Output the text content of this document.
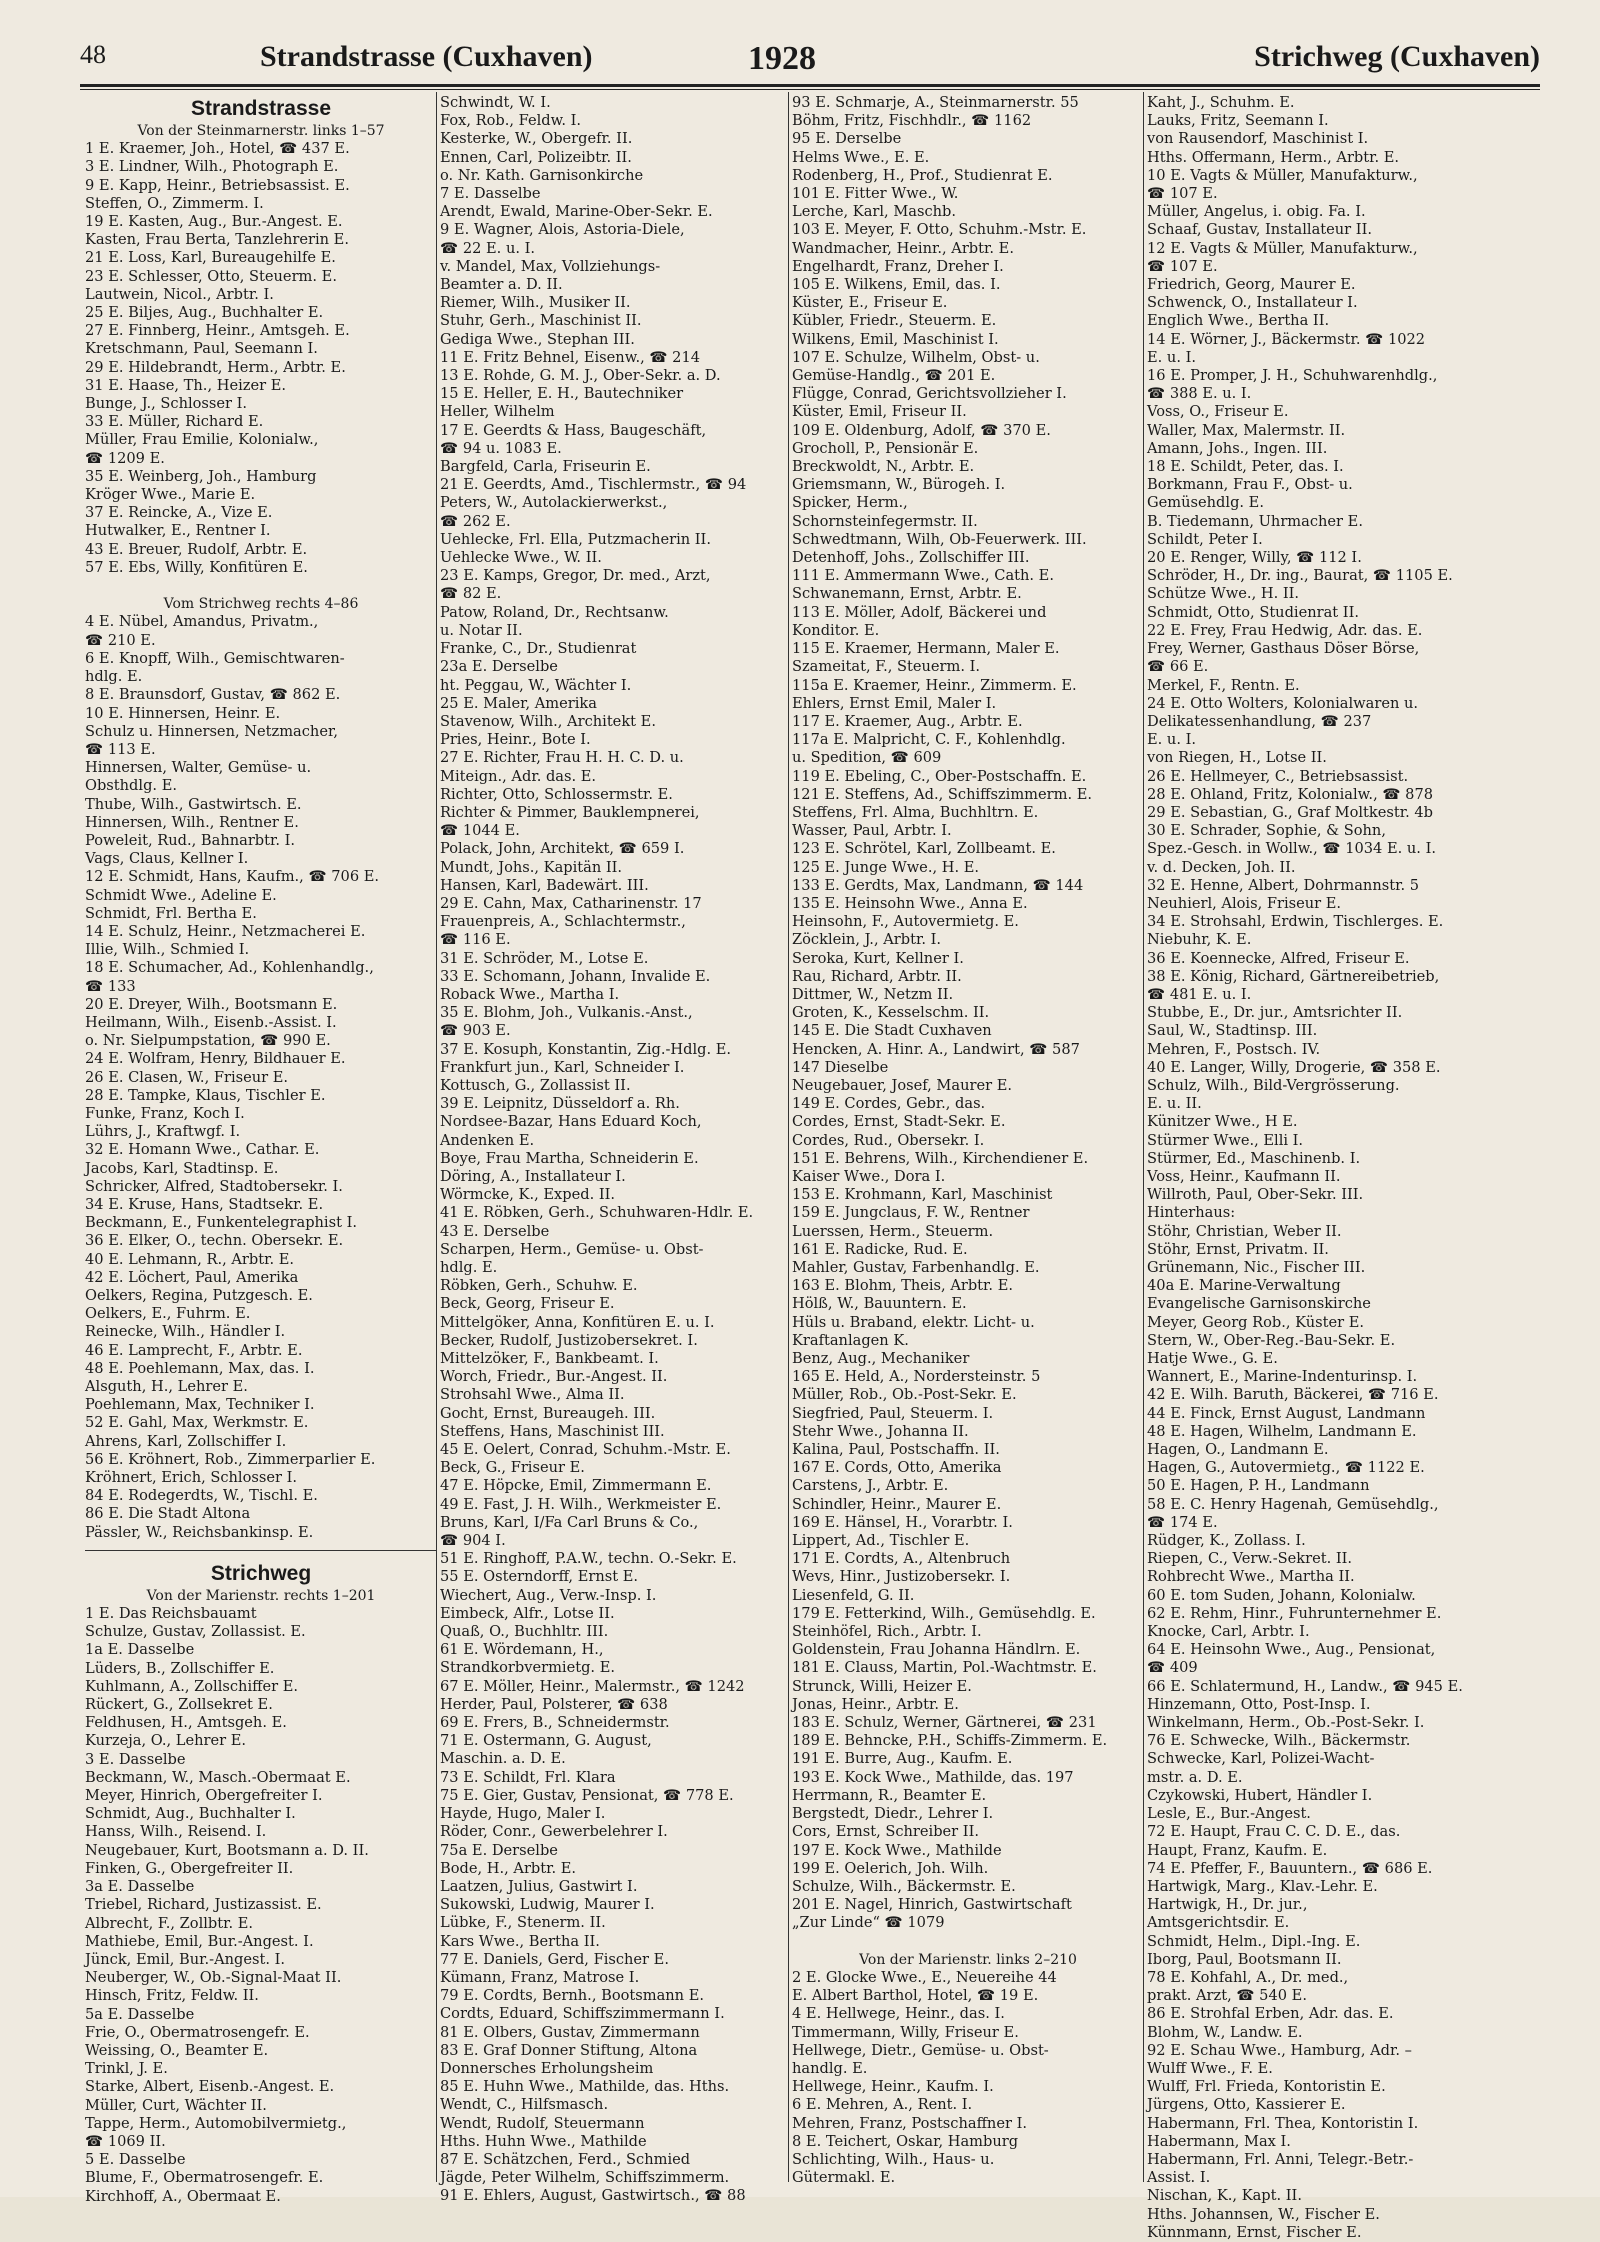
48	Strandstrasse (Cuxhaven)	1928	Strichweg (Cuxhaven)
Strandstrasse
Von der Steinmarnerstr. links 1–57
1 E. Kraemer, Joh., Hotel, ☎ 437 E.
3 E. Lindner, Wilh., Photograph E.
9 E. Kapp, Heinr., Betriebsassist. E.
Steffen, O., Zimmerm. I.
19 E. Kasten, Aug., Bur.-Angest. E.
Kasten, Frau Berta, Tanzlehrerin E.
21 E. Loss, Karl, Bureaugehilfe E.
23 E. Schlesser, Otto, Steuerm. E.
Lautwein, Nicol., Arbtr. I.
25 E. Biljes, Aug., Buchhalter E.
27 E. Finnberg, Heinr., Amtsgeh. E.
Kretschmann, Paul, Seemann I.
29 E. Hildebrandt, Herm., Arbtr. E.
31 E. Haase, Th., Heizer E.
Bunge, J., Schlosser I.
33 E. Müller, Richard E.
Müller, Frau Emilie, Kolonialw.,
☎ 1209 E.
35 E. Weinberg, Joh., Hamburg
Kröger Wwe., Marie E.
37 E. Reincke, A., Vize E.
Hutwalker, E., Rentner I.
43 E. Breuer, Rudolf, Arbtr. E.
57 E. Ebs, Willy, Konfitüren E.

Vom Strichweg rechts 4–86
4 E. Nübel, Amandus, Privatm.,
☎ 210 E.
6 E. Knopff, Wilh., Gemischtwaren-
hdlg. E.
8 E. Braunsdorf, Gustav, ☎ 862 E.
10 E. Hinnersen, Heinr. E.
Schulz u. Hinnersen, Netzmacher,
☎ 113 E.
Hinnersen, Walter, Gemüse- u.
Obsthdlg. E.
Thube, Wilh., Gastwirtsch. E.
Hinnersen, Wilh., Rentner E.
Poweleit, Rud., Bahnarbtr. I.
Vags, Claus, Kellner I.
12 E. Schmidt, Hans, Kaufm., ☎ 706 E.
Schmidt Wwe., Adeline E.
Schmidt, Frl. Bertha E.
14 E. Schulz, Heinr., Netzmacherei E.
Illie, Wilh., Schmied I.
18 E. Schumacher, Ad., Kohlenhandlg.,
☎ 133
20 E. Dreyer, Wilh., Bootsmann E.
Heilmann, Wilh., Eisenb.-Assist. I.
o. Nr. Sielpumpstation, ☎ 990 E.
24 E. Wolfram, Henry, Bildhauer E.
26 E. Clasen, W., Friseur E.
28 E. Tampke, Klaus, Tischler E.
Funke, Franz, Koch I.
Lührs, J., Kraftwgf. I.
32 E. Homann Wwe., Cathar. E.
Jacobs, Karl, Stadtinsp. E.
Schricker, Alfred, Stadtobersekr. I.
34 E. Kruse, Hans, Stadtsekr. E.
Beckmann, E., Funkentelegraphist I.
36 E. Elker, O., techn. Obersekr. E.
40 E. Lehmann, R., Arbtr. E.
42 E. Löchert, Paul, Amerika
Oelkers, Regina, Putzgesch. E.
Oelkers, E., Fuhrm. E.
Reinecke, Wilh., Händler I.
46 E. Lamprecht, F., Arbtr. E.
48 E. Poehlemann, Max, das. I.
Alsguth, H., Lehrer E.
Poehlemann, Max, Techniker I.
52 E. Gahl, Max, Werkmstr. E.
Ahrens, Karl, Zollschiffer I.
56 E. Kröhnert, Rob., Zimmerparlier E.
Kröhnert, Erich, Schlosser I.
84 E. Rodegerdts, W., Tischl. E.
86 E. Die Stadt Altona
Pässler, W., Reichsbankinsp. E.
Strichweg
Von der Marienstr. rechts 1–201
1 E. Das Reichsbauamt
Schulze, Gustav, Zollassist. E.
1a E. Dasselbe
Lüders, B., Zollschiffer E.
Kuhlmann, A., Zollschiffer E.
Rückert, G., Zollsekret E.
Feldhusen, H., Amtsgeh. E.
Kurzeja, O., Lehrer E.
3 E. Dasselbe
Beckmann, W., Masch.-Obermaat E.
Meyer, Hinrich, Obergefreiter I.
Schmidt, Aug., Buchhalter I.
Hanss, Wilh., Reisend. I.
Neugebauer, Kurt, Bootsmann a. D. II.
Finken, G., Obergefreiter II.
3a E. Dasselbe
Triebel, Richard, Justizassist. E.
Albrecht, F., Zollbtr. E.
Mathiebe, Emil, Bur.-Angest. I.
Jünck, Emil, Bur.-Angest. I.
Neuberger, W., Ob.-Signal-Maat II.
Hinsch, Fritz, Feldw. II.
5a E. Dasselbe
Frie, O., Obermatrosengefr. E.
Weissing, O., Beamter E.
Trinkl, J. E.
Starke, Albert, Eisenb.-Angest. E.
Müller, Curt, Wächter II.
Tappe, Herm., Automobilvermietg.,
☎ 1069 II.
5 E. Dasselbe
Blume, F., Obermatrosengefr. E.
Kirchhoff, A., Obermaat E.
Schwindt, W. I.
Fox, Rob., Feldw. I.
Kesterke, W., Obergefr. II.
Ennen, Carl, Polizeibtr. II.
o. Nr. Kath. Garnisonkirche
7 E. Dasselbe
Arendt, Ewald, Marine-Ober-Sekr. E.
9 E. Wagner, Alois, Astoria-Diele,
☎ 22 E. u. I.
v. Mandel, Max, Vollziehungs-
Beamter a. D. II.
Riemer, Wilh., Musiker II.
Stuhr, Gerh., Maschinist II.
Gediga Wwe., Stephan III.
11 E. Fritz Behnel, Eisenw., ☎ 214
13 E. Rohde, G. M. J., Ober-Sekr. a. D.
15 E. Heller, E. H., Bautechniker
Heller, Wilhelm
17 E. Geerdts & Hass, Baugeschäft,
☎ 94 u. 1083 E.
Bargfeld, Carla, Friseurin E.
21 E. Geerdts, Amd., Tischlermstr., ☎ 94
Peters, W., Autolackierwerkst.,
☎ 262 E.
Uehlecke, Frl. Ella, Putzmacherin II.
Uehlecke Wwe., W. II.
23 E. Kamps, Gregor, Dr. med., Arzt,
☎ 82 E.
Patow, Roland, Dr., Rechtsanw.
u. Notar II.
Franke, C., Dr., Studienrat
23a E. Derselbe
ht. Peggau, W., Wächter I.
25 E. Maler, Amerika
Stavenow, Wilh., Architekt E.
Pries, Heinr., Bote I.
27 E. Richter, Frau H. H. C. D. u.
Miteign., Adr. das. E.
Richter, Otto, Schlossermstr. E.
Richter & Pimmer, Bauklempnerei,
☎ 1044 E.
Polack, John, Architekt, ☎ 659 I.
Mundt, Johs., Kapitän II.
Hansen, Karl, Badewärt. III.
29 E. Cahn, Max, Catharinenstr. 17
Frauenpreis, A., Schlachtermstr.,
☎ 116 E.
31 E. Schröder, M., Lotse E.
33 E. Schomann, Johann, Invalide E.
Roback Wwe., Martha I.
35 E. Blohm, Joh., Vulkanis.-Anst.,
☎ 903 E.
37 E. Kosuph, Konstantin, Zig.-Hdlg. E.
Frankfurt jun., Karl, Schneider I.
Kottusch, G., Zollassist II.
39 E. Leipnitz, Düsseldorf a. Rh.
Nordsee-Bazar, Hans Eduard Koch,
Andenken E.
Boye, Frau Martha, Schneiderin E.
Döring, A., Installateur I.
Wörmcke, K., Exped. II.
41 E. Röbken, Gerh., Schuhwaren-Hdlr. E.
43 E. Derselbe
Scharpen, Herm., Gemüse- u. Obst-
hdlg. E.
Röbken, Gerh., Schuhw. E.
Beck, Georg, Friseur E.
Mittelgöker, Anna, Konfitüren E. u. I.
Becker, Rudolf, Justizobersekret. I.
Mittelzöker, F., Bankbeamt. I.
Worch, Friedr., Bur.-Angest. II.
Strohsahl Wwe., Alma II.
Gocht, Ernst, Bureaugeh. III.
Steffens, Hans, Maschinist III.
45 E. Oelert, Conrad, Schuhm.-Mstr. E.
Beck, G., Friseur E.
47 E. Höpcke, Emil, Zimmermann E.
49 E. Fast, J. H. Wilh., Werkmeister E.
Bruns, Karl, I/Fa Carl Bruns & Co.,
☎ 904 I.
51 E. Ringhoff, P.A.W., techn. O.-Sekr. E.
55 E. Osterndorff, Ernst E.
Wiechert, Aug., Verw.-Insp. I.
Eimbeck, Alfr., Lotse II.
Quaß, O., Buchhltr. III.
61 E. Wördemann, H.,
Strandkorbvermietg. E.
67 E. Möller, Heinr., Malermstr., ☎ 1242
Herder, Paul, Polsterer, ☎ 638
69 E. Frers, B., Schneidermstr.
71 E. Ostermann, G. August,
Maschin. a. D. E.
73 E. Schildt, Frl. Klara
75 E. Gier, Gustav, Pensionat, ☎ 778 E.
Hayde, Hugo, Maler I.
Röder, Conr., Gewerbelehrer I.
75a E. Derselbe
Bode, H., Arbtr. E.
Laatzen, Julius, Gastwirt I.
Sukowski, Ludwig, Maurer I.
Lübke, F., Stenerm. II.
Kars Wwe., Bertha II.
77 E. Daniels, Gerd, Fischer E.
Kümann, Franz, Matrose I.
79 E. Cordts, Bernh., Bootsmann E.
Cordts, Eduard, Schiffszimmermann I.
81 E. Olbers, Gustav, Zimmermann
83 E. Graf Donner Stiftung, Altona
Donnersches Erholungsheim
85 E. Huhn Wwe., Mathilde, das. Hths.
Wendt, C., Hilfsmasch.
Wendt, Rudolf, Steuermann
Hths. Huhn Wwe., Mathilde
87 E. Schätzchen, Ferd., Schmied
Jägde, Peter Wilhelm, Schiffszimmerm.
91 E. Ehlers, August, Gastwirtsch., ☎ 88
93 E. Schmarje, A., Steinmarnerstr. 55
Böhm, Fritz, Fischhdlr., ☎ 1162
95 E. Derselbe
Helms Wwe., E. E.
Rodenberg, H., Prof., Studienrat E.
101 E. Fitter Wwe., W.
Lerche, Karl, Maschb.
103 E. Meyer, F. Otto, Schuhm.-Mstr. E.
Wandmacher, Heinr., Arbtr. E.
Engelhardt, Franz, Dreher I.
105 E. Wilkens, Emil, das. I.
Küster, E., Friseur E.
Kübler, Friedr., Steuerm. E.
Wilkens, Emil, Maschinist I.
107 E. Schulze, Wilhelm, Obst- u.
Gemüse-Handlg., ☎ 201 E.
Flügge, Conrad, Gerichtsvollzieher I.
Küster, Emil, Friseur II.
109 E. Oldenburg, Adolf, ☎ 370 E.
Grocholl, P., Pensionär E.
Breckwoldt, N., Arbtr. E.
Griemsmann, W., Bürogeh. I.
Spicker, Herm.,
Schornsteinfegermstr. II.
Schwedtmann, Wilh, Ob-Feuerwerk. III.
Detenhoff, Johs., Zollschiffer III.
111 E. Ammermann Wwe., Cath. E.
Schwanemann, Ernst, Arbtr. E.
113 E. Möller, Adolf, Bäckerei und
Konditor. E.
115 E. Kraemer, Hermann, Maler E.
Szameitat, F., Steuerm. I.
115a E. Kraemer, Heinr., Zimmerm. E.
Ehlers, Ernst Emil, Maler I.
117 E. Kraemer, Aug., Arbtr. E.
117a E. Malpricht, C. F., Kohlenhdlg.
u. Spedition, ☎ 609
119 E. Ebeling, C., Ober-Postschaffn. E.
121 E. Steffens, Ad., Schiffszimmerm. E.
Steffens, Frl. Alma, Buchhltrn. E.
Wasser, Paul, Arbtr. I.
123 E. Schrötel, Karl, Zollbeamt. E.
125 E. Junge Wwe., H. E.
133 E. Gerdts, Max, Landmann, ☎ 144
135 E. Heinsohn Wwe., Anna E.
Heinsohn, F., Autovermietg. E.
Zöcklein, J., Arbtr. I.
Seroka, Kurt, Kellner I.
Rau, Richard, Arbtr. II.
Dittmer, W., Netzm II.
Groten, K., Kesselschm. II.
145 E. Die Stadt Cuxhaven
Hencken, A. Hinr. A., Landwirt, ☎ 587
147 Dieselbe
Neugebauer, Josef, Maurer E.
149 E. Cordes, Gebr., das.
Cordes, Ernst, Stadt-Sekr. E.
Cordes, Rud., Obersekr. I.
151 E. Behrens, Wilh., Kirchendiener E.
Kaiser Wwe., Dora I.
153 E. Krohmann, Karl, Maschinist
159 E. Jungclaus, F. W., Rentner
Luerssen, Herm., Steuerm.
161 E. Radicke, Rud. E.
Mahler, Gustav, Farbenhandlg. E.
163 E. Blohm, Theis, Arbtr. E.
Hölß, W., Bauuntern. E.
Hüls u. Braband, elektr. Licht- u.
Kraftanlagen K.
Benz, Aug., Mechaniker
165 E. Held, A., Nordersteinstr. 5
Müller, Rob., Ob.-Post-Sekr. E.
Siegfried, Paul, Steuerm. I.
Stehr Wwe., Johanna II.
Kalina, Paul, Postschaffn. II.
167 E. Cords, Otto, Amerika
Carstens, J., Arbtr. E.
Schindler, Heinr., Maurer E.
169 E. Hänsel, H., Vorarbtr. I.
Lippert, Ad., Tischler E.
171 E. Cordts, A., Altenbruch
Wevs, Hinr., Justizobersekr. I.
Liesenfeld, G. II.
179 E. Fetterkind, Wilh., Gemüsehdlg. E.
Steinhöfel, Rich., Arbtr. I.
Goldenstein, Frau Johanna Händlrn. E.
181 E. Clauss, Martin, Pol.-Wachtmstr. E.
Strunck, Willi, Heizer E.
Jonas, Heinr., Arbtr. E.
183 E. Schulz, Werner, Gärtnerei, ☎ 231
189 E. Behncke, P.H., Schiffs-Zimmerm. E.
191 E. Burre, Aug., Kaufm. E.
193 E. Kock Wwe., Mathilde, das. 197
Herrmann, R., Beamter E.
Bergstedt, Diedr., Lehrer I.
Cors, Ernst, Schreiber II.
197 E. Kock Wwe., Mathilde
199 E. Oelerich, Joh. Wilh.
Schulze, Wilh., Bäckermstr. E.
201 E. Nagel, Hinrich, Gastwirtschaft
„Zur Linde“ ☎ 1079

Von der Marienstr. links 2–210
2 E. Glocke Wwe., E., Neuereihe 44
E. Albert Barthol, Hotel, ☎ 19 E.
4 E. Hellwege, Heinr., das. I.
Timmermann, Willy, Friseur E.
Hellwege, Dietr., Gemüse- u. Obst-
handlg. E.
Hellwege, Heinr., Kaufm. I.
6 E. Mehren, A., Rent. I.
Mehren, Franz, Postschaffner I.
8 E. Teichert, Oskar, Hamburg
Schlichting, Wilh., Haus- u.
Gütermakl. E.
Kaht, J., Schuhm. E.
Lauks, Fritz, Seemann I.
von Rausendorf, Maschinist I.
Hths. Offermann, Herm., Arbtr. E.
10 E. Vagts & Müller, Manufakturw.,
☎ 107 E.
Müller, Angelus, i. obig. Fa. I.
Schaaf, Gustav, Installateur II.
12 E. Vagts & Müller, Manufakturw.,
☎ 107 E.
Friedrich, Georg, Maurer E.
Schwenck, O., Installateur I.
Englich Wwe., Bertha II.
14 E. Wörner, J., Bäckermstr. ☎ 1022
E. u. I.
16 E. Promper, J. H., Schuhwarenhdlg.,
☎ 388 E. u. I.
Voss, O., Friseur E.
Waller, Max, Malermstr. II.
Amann, Johs., Ingen. III.
18 E. Schildt, Peter, das. I.
Borkmann, Frau F., Obst- u.
Gemüsehdlg. E.
B. Tiedemann, Uhrmacher E.
Schildt, Peter I.
20 E. Renger, Willy, ☎ 112 I.
Schröder, H., Dr. ing., Baurat, ☎ 1105 E.
Schütze Wwe., H. II.
Schmidt, Otto, Studienrat II.
22 E. Frey, Frau Hedwig, Adr. das. E.
Frey, Werner, Gasthaus Döser Börse,
☎ 66 E.
Merkel, F., Rentn. E.
24 E. Otto Wolters, Kolonialwaren u.
Delikatessenhandlung, ☎ 237
E. u. I.
von Riegen, H., Lotse II.
26 E. Hellmeyer, C., Betriebsassist.
28 E. Ohland, Fritz, Kolonialw., ☎ 878
29 E. Sebastian, G., Graf Moltkestr. 4b
30 E. Schrader, Sophie, & Sohn,
Spez.-Gesch. in Wollw., ☎ 1034 E. u. I.
v. d. Decken, Joh. II.
32 E. Henne, Albert, Dohrmannstr. 5
Neuhierl, Alois, Friseur E.
34 E. Strohsahl, Erdwin, Tischlerges. E.
Niebuhr, K. E.
36 E. Koennecke, Alfred, Friseur E.
38 E. König, Richard, Gärtnereibetrieb,
☎ 481 E. u. I.
Stubbe, E., Dr. jur., Amtsrichter II.
Saul, W., Stadtinsp. III.
Mehren, F., Postsch. IV.
40 E. Langer, Willy, Drogerie, ☎ 358 E.
Schulz, Wilh., Bild-Vergrösserung.
E. u. II.
Künitzer Wwe., H E.
Stürmer Wwe., Elli I.
Stürmer, Ed., Maschinenb. I.
Voss, Heinr., Kaufmann II.
Willroth, Paul, Ober-Sekr. III.
Hinterhaus:
Stöhr, Christian, Weber II.
Stöhr, Ernst, Privatm. II.
Grünemann, Nic., Fischer III.
40a E. Marine-Verwaltung
Evangelische Garnisonskirche
Meyer, Georg Rob., Küster E.
Stern, W., Ober-Reg.-Bau-Sekr. E.
Hatje Wwe., G. E.
Wannert, E., Marine-Indenturinsp. I.
42 E. Wilh. Baruth, Bäckerei, ☎ 716 E.
44 E. Finck, Ernst August, Landmann
48 E. Hagen, Wilhelm, Landmann E.
Hagen, O., Landmann E.
Hagen, G., Autovermietg., ☎ 1122 E.
50 E. Hagen, P. H., Landmann
58 E. C. Henry Hagenah, Gemüsehdlg.,
☎ 174 E.
Rüdger, K., Zollass. I.
Riepen, C., Verw.-Sekret. II.
Rohbrecht Wwe., Martha II.
60 E. tom Suden, Johann, Kolonialw.
62 E. Rehm, Hinr., Fuhrunternehmer E.
Knocke, Carl, Arbtr. I.
64 E. Heinsohn Wwe., Aug., Pensionat,
☎ 409
66 E. Schlatermund, H., Landw., ☎ 945 E.
Hinzemann, Otto, Post-Insp. I.
Winkelmann, Herm., Ob.-Post-Sekr. I.
76 E. Schwecke, Wilh., Bäckermstr.
Schwecke, Karl, Polizei-Wacht-
mstr. a. D. E.
Czykowski, Hubert, Händler I.
Lesle, E., Bur.-Angest.
72 E. Haupt, Frau C. C. D. E., das.
Haupt, Franz, Kaufm. E.
74 E. Pfeffer, F., Bauuntern., ☎ 686 E.
Hartwigk, Marg., Klav.-Lehr. E.
Hartwigk, H., Dr. jur.,
Amtsgerichtsdir. E.
Schmidt, Helm., Dipl.-Ing. E.
Iborg, Paul, Bootsmann II.
78 E. Kohfahl, A., Dr. med.,
prakt. Arzt, ☎ 540 E.
86 E. Strohfal Erben, Adr. das. E.
Blohm, W., Landw. E.
92 E. Schau Wwe., Hamburg, Adr. –
Wulff Wwe., F. E.
Wulff, Frl. Frieda, Kontoristin E.
Jürgens, Otto, Kassierer E.
Habermann, Frl. Thea, Kontoristin I.
Habermann, Max I.
Habermann, Frl. Anni, Telegr.-Betr.-
Assist. I.
Nischan, K., Kapt. II.
Hths. Johannsen, W., Fischer E.
Künnmann, Ernst, Fischer E.
